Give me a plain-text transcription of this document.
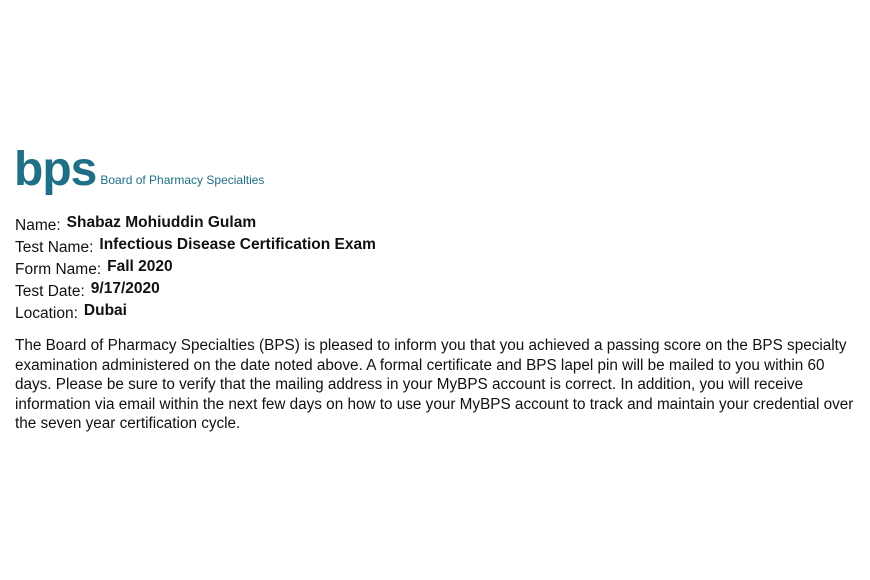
bps Board of Pharmacy Specialties
Name: Shabaz Mohiuddin Gulam
Test Name: Infectious Disease Certification Exam
Form Name: Fall 2020
Test Date: 9/17/2020
Location: Dubai

The Board of Pharmacy Specialties (BPS) is pleased to inform you that you achieved a passing score on the BPS specialty examination administered on the date noted above. A formal certificate and BPS lapel pin will be mailed to you within 60 days. Please be sure to verify that the mailing address in your MyBPS account is correct. In addition, you will receive information via email within the next few days on how to use your MyBPS account to track and maintain your credential over the seven year certification cycle.
